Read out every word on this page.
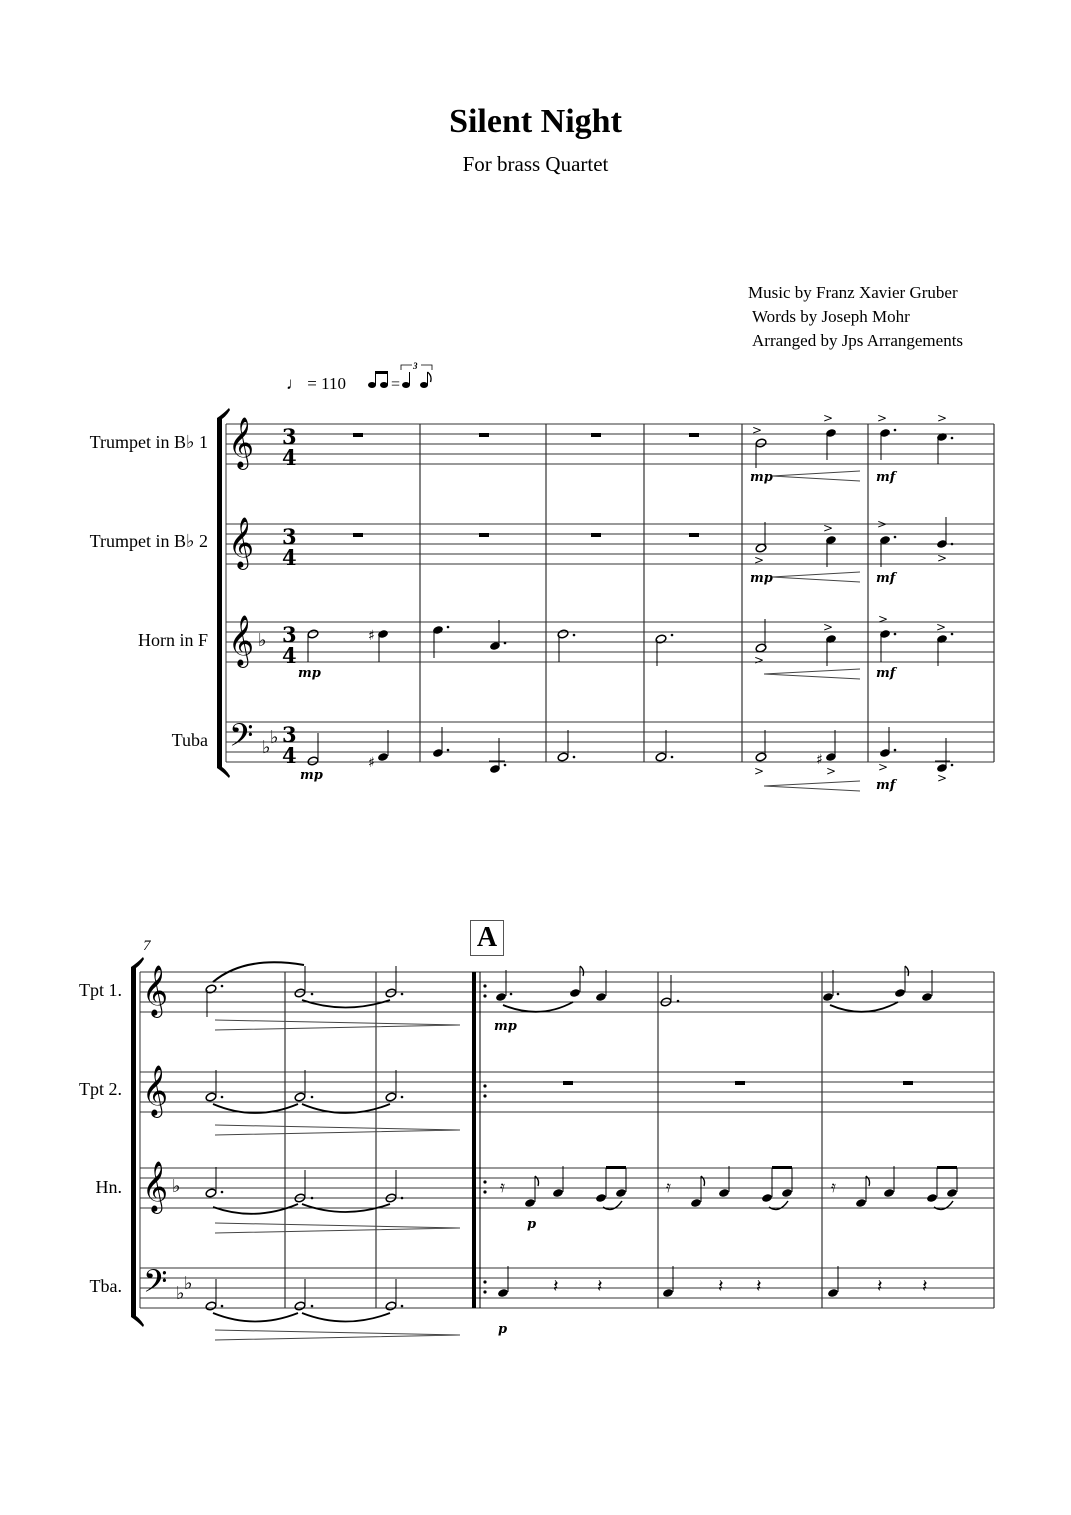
Silent Night
For brass Quartet
Music by Franz Xavier Gruber
Words by Joseph Mohr
Arranged by Jps Arrangements
♩ = 110
Trumpet in B♭ 1
Trumpet in B♭ 2
Horn in F
Tuba
Tpt 1.
Tpt 2.
Hn.
Tba.
7	A
=
3
𝄞
𝄞
𝄞
𝄢
♭
♭ ♭
3
4
3
4
3
4
3
4
>
>	>	>
mp	mf
>
>	>
>
mp	mf
mp
♯
>
>
>
mf
>
mp
♯	>
♯
>	>
mf	>
𝄞
𝄞
𝄞
𝄢
♭
♭ ♭
mp
𝄿
p
𝄿	𝄿
𝄽 𝄽	𝄽 𝄽	𝄽 𝄽
p
